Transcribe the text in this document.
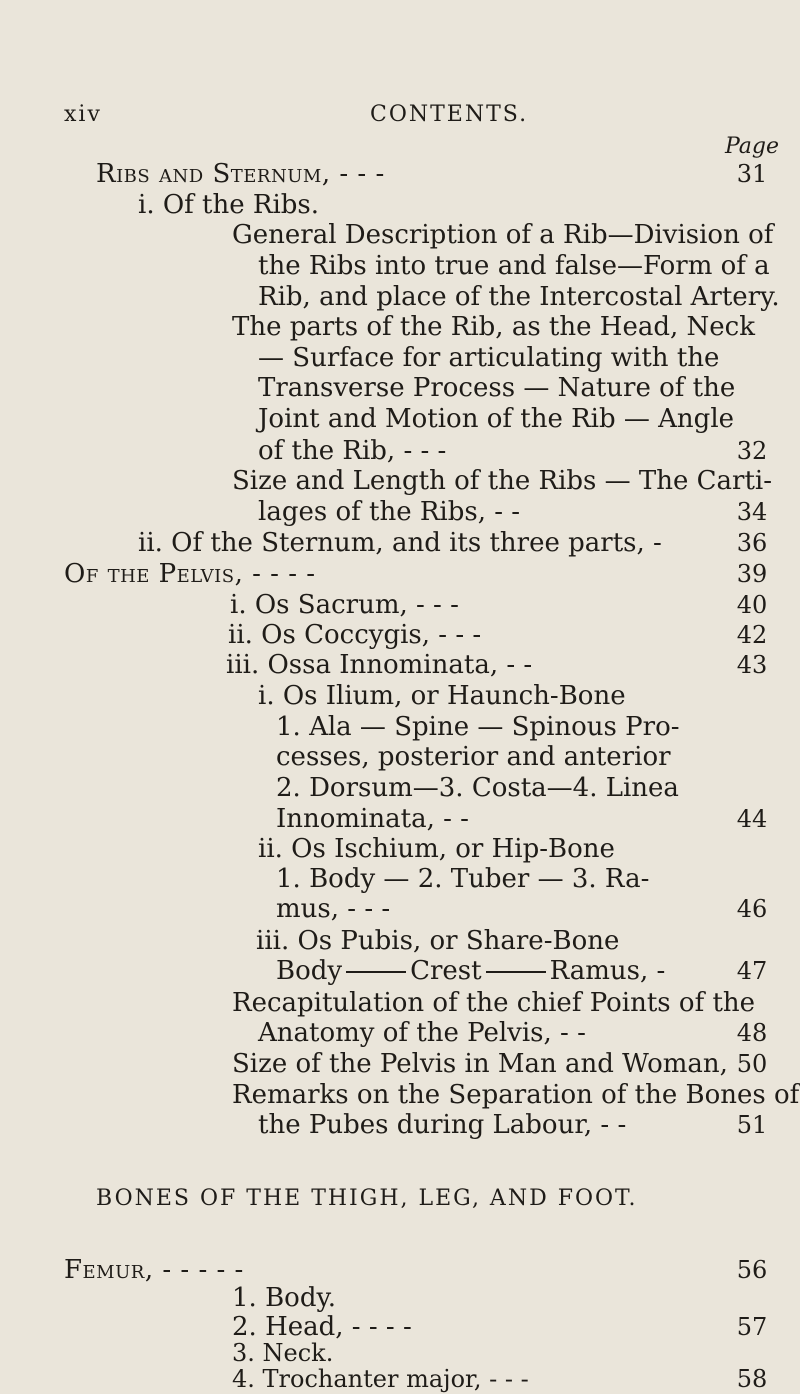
xiv	CONTENTS.
Page
Ribs and Sternum, - - -	31
i. Of the Ribs.
General Description of a Rib—Division of
the Ribs into true and false—Form of a
Rib, and place of the Intercostal Artery.
The parts of the Rib, as the Head, Neck
— Surface for articulating with the
Transverse Process — Nature of the
Joint and Motion of the Rib — Angle
of the Rib, - - -	32
Size and Length of the Ribs — The Carti-
lages of the Ribs, - -	34
ii. Of the Sternum, and its three parts, -	36
Of the Pelvis, - - - -	39
i. Os Sacrum, - - -	40
ii. Os Coccygis, - - -	42
iii. Ossa Innominata, - -	43
i. Os Ilium, or Haunch-Bone
1. Ala — Spine — Spinous Pro-
cesses, posterior and anterior
2. Dorsum—3. Costa—4. Linea
Innominata, - -	44
ii. Os Ischium, or Hip-Bone
1. Body — 2. Tuber — 3. Ra-
mus, - - -	46
iii. Os Pubis, or Share-Bone
Body	Crest	Ramus, -	47
Recapitulation of the chief Points of the
Anatomy of the Pelvis, - -	48
Size of the Pelvis in Man and Woman, 50
Remarks on the Separation of the Bones of
the Pubes during Labour, - -	51
BONES OF THE THIGH, LEG, AND FOOT.
Femur, - - - - -	56
1. Body.
2. Head, - - - -	57
3. Neck.
4. Trochanter major, - - -	58
